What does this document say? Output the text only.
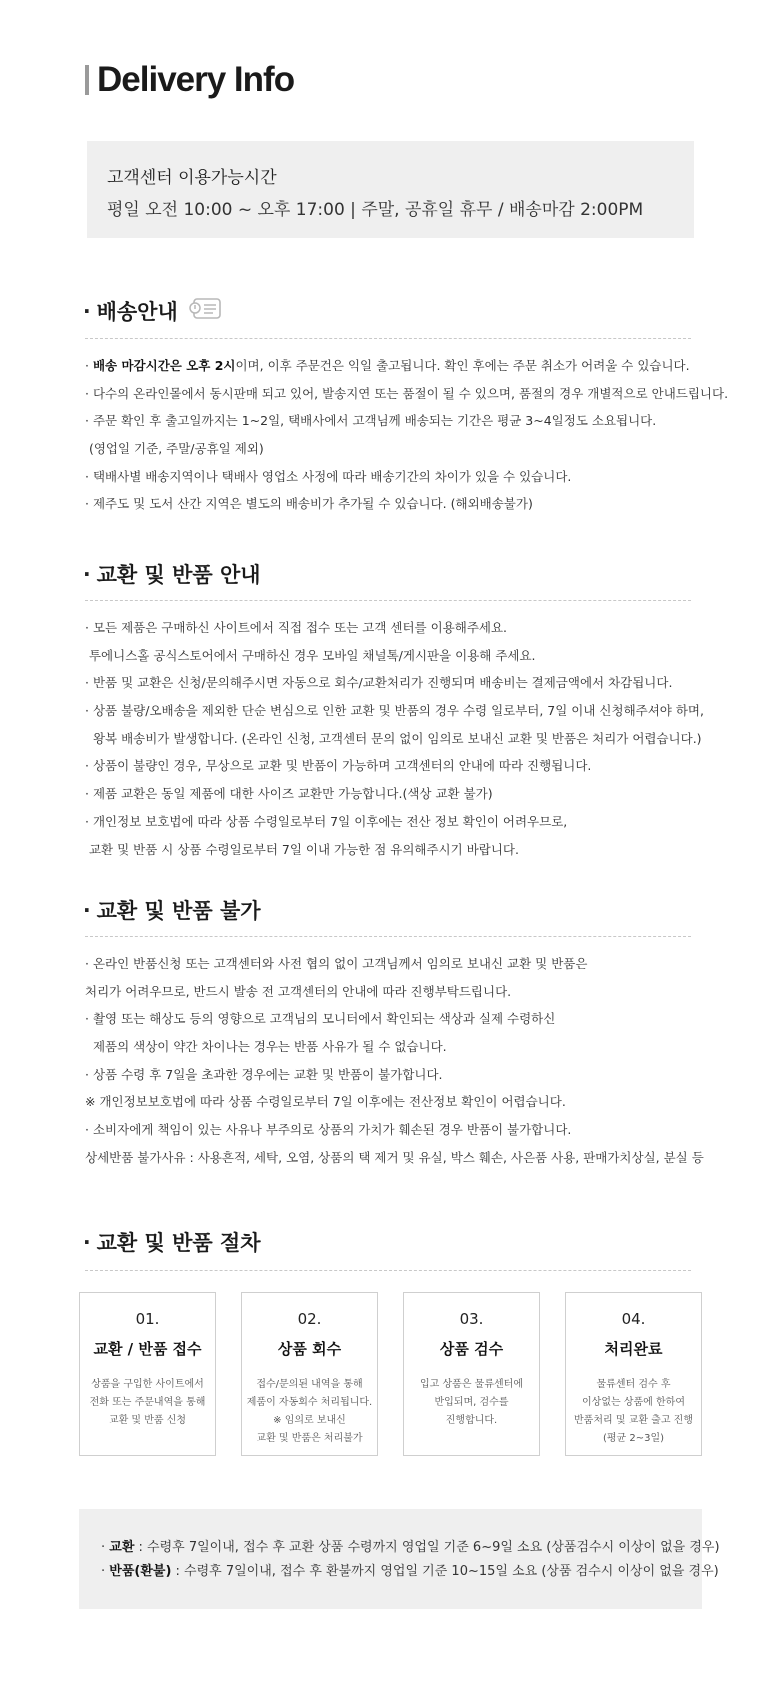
Delivery Info
고객센터 이용가능시간
평일 오전 10:00 ~ 오후 17:00 | 주말, 공휴일 휴무 / 배송마감 2:00PM
· 배송안내
· 배송 마감시간은 오후 2시이며, 이후 주문건은 익일 출고됩니다. 확인 후에는 주문 취소가 어려울 수 있습니다.
· 다수의 온라인몰에서 동시판매 되고 있어, 발송지연 또는 품절이 될 수 있으며, 품절의 경우 개별적으로 안내드립니다.
· 주문 확인 후 출고일까지는 1~2일, 택배사에서 고객님께 배송되는 기간은 평균 3~4일정도 소요됩니다.
(영업일 기준, 주말/공휴일 제외)
· 택배사별 배송지역이나 택배사 영업소 사정에 따라 배송기간의 차이가 있을 수 있습니다.
· 제주도 및 도서 산간 지역은 별도의 배송비가 추가될 수 있습니다. (해외배송불가)
· 교환 및 반품 안내
· 모든 제품은 구매하신 사이트에서 직접 접수 또는 고객 센터를 이용해주세요.
투에니스홀 공식스토어에서 구매하신 경우 모바일 채널톡/게시판을 이용해 주세요.
· 반품 및 교환은 신청/문의해주시면 자동으로 회수/교환처리가 진행되며 배송비는 결제금액에서 차감됩니다.
· 상품 불량/오배송을 제외한 단순 변심으로 인한 교환 및 반품의 경우 수령 일로부터, 7일 이내 신청해주셔야 하며,
왕복 배송비가 발생합니다. (온라인 신청, 고객센터 문의 없이 임의로 보내신 교환 및 반품은 처리가 어렵습니다.)
· 상품이 불량인 경우, 무상으로 교환 및 반품이 가능하며 고객센터의 안내에 따라 진행됩니다.
· 제품 교환은 동일 제품에 대한 사이즈 교환만 가능합니다.(색상 교환 불가)
· 개인정보 보호법에 따라 상품 수령일로부터 7일 이후에는 전산 정보 확인이 어려우므로,
교환 및 반품 시 상품 수령일로부터 7일 이내 가능한 점 유의해주시기 바랍니다.
· 교환 및 반품 불가
· 온라인 반품신청 또는 고객센터와 사전 협의 없이 고객님께서 임의로 보내신 교환 및 반품은
처리가 어려우므로, 반드시 발송 전 고객센터의 안내에 따라 진행부탁드립니다.
· 촬영 또는 해상도 등의 영향으로 고객님의 모니터에서 확인되는 색상과 실제 수령하신
제품의 색상이 약간 차이나는 경우는 반품 사유가 될 수 없습니다.
· 상품 수령 후 7일을 초과한 경우에는 교환 및 반품이 불가합니다.
※ 개인정보보호법에 따라 상품 수령일로부터 7일 이후에는 전산정보 확인이 어렵습니다.
· 소비자에게 책임이 있는 사유나 부주의로 상품의 가치가 훼손된 경우 반품이 불가합니다.
상세반품 불가사유 : 사용흔적, 세탁, 오염, 상품의 택 제거 및 유실, 박스 훼손, 사은품 사용, 판매가치상실, 분실 등
· 교환 및 반품 절차
01.
교환 / 반품 접수
상품을 구입한 사이트에서
전화 또는 주문내역을 통해
교환 및 반품 신청
02.
상품 회수
접수/문의된 내역을 통해
제품이 자동회수 처리됩니다.
※ 임의로 보내신
교환 및 반품은 처리불가
03.
상품 검수
입고 상품은 물류센터에
반입되며, 검수를
진행합니다.
04.
처리완료
물류센터 검수 후
이상없는 상품에 한하여
반품처리 및 교환 출고 진행
(평균 2~3일)
· 교환 : 수령후 7일이내, 접수 후 교환 상품 수령까지 영업일 기준 6~9일 소요 (상품검수시 이상이 없을 경우)
· 반품(환불) : 수령후 7일이내, 접수 후 환불까지 영업일 기준 10~15일 소요 (상품 검수시 이상이 없을 경우)
